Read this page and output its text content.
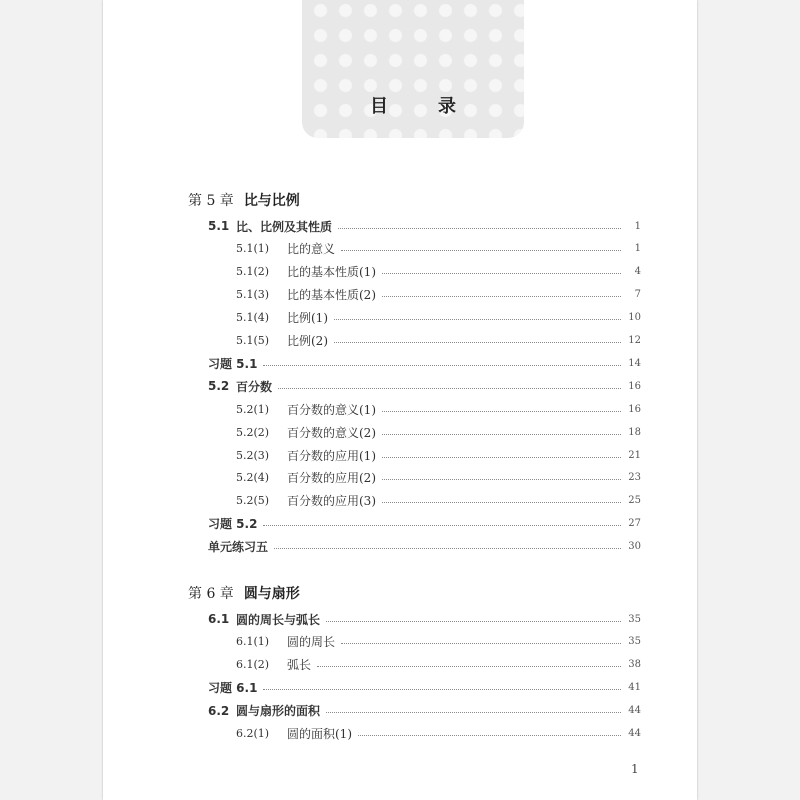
目　录
第 5 章 比与比例
5.1 比、比例及其性质	1
5.1(1)	比的意义	1
5.1(2)	比的基本性质(1)	4
5.1(3)	比的基本性质(2)	7
5.1(4)	比例(1)	10
5.1(5)	比例(2)	12
习题 5.1	14
5.2 百分数	16
5.2(1)	百分数的意义(1)	16
5.2(2)	百分数的意义(2)	18
5.2(3)	百分数的应用(1)	21
5.2(4)	百分数的应用(2)	23
5.2(5)	百分数的应用(3)	25
习题 5.2	27
单元练习五	30
第 6 章 圆与扇形
6.1 圆的周长与弧长	35
6.1(1)	圆的周长	35
6.1(2)	弧长	38
习题 6.1	41
6.2 圆与扇形的面积	44
6.2(1)	圆的面积(1)	44
1
